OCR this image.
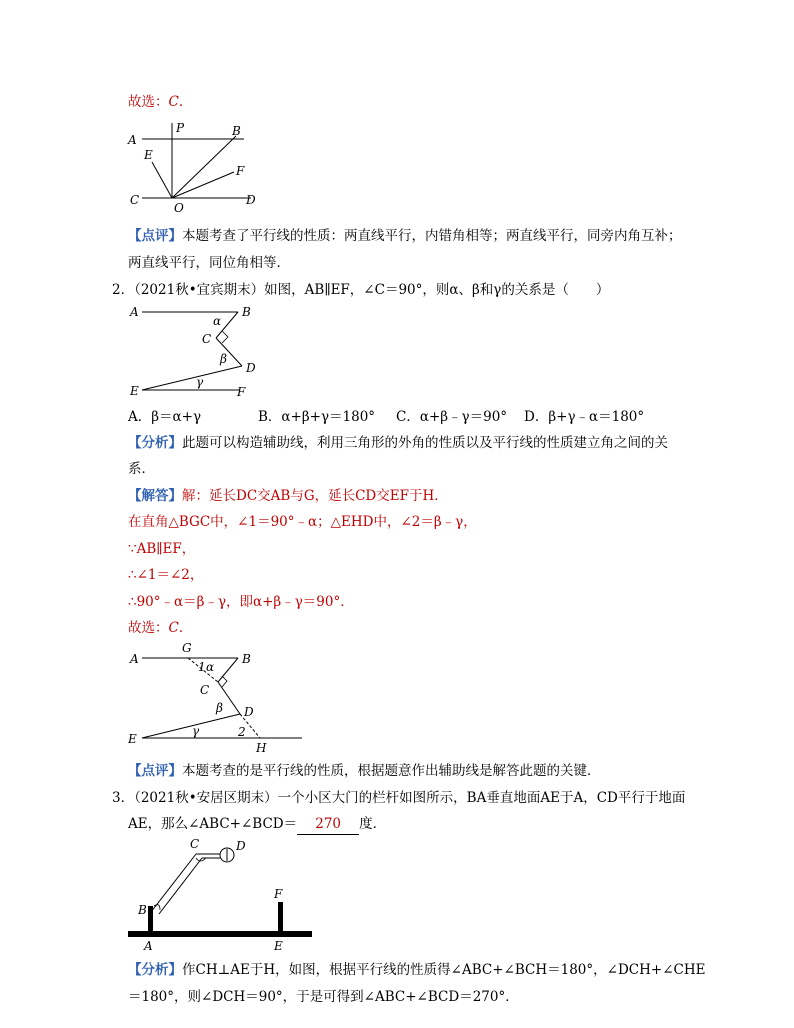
故选：C．
A
P	B
E
F
C
O
D
【点评】本题考查了平行线的性质：两直线平行，内错角相等；两直线平行，同旁内角互补；
两直线平行，同位角相等．
2．（2021秋•宜宾期末）如图，AB∥EF，∠C＝90°，则α、β和γ的关系是（　　）
A	B
α
C
β
D
E
γ
F
A．β＝α+γ	B．α+β+γ＝180° C．α+β﹣γ＝90° D．β+γ﹣α＝180°
【分析】此题可以构造辅助线，利用三角形的外角的性质以及平行线的性质建立角之间的关
系．
【解答】解：延长DC交AB与G，延长CD交EF于H．
在直角△BGC中，∠1＝90°﹣α；△EHD中，∠2＝β﹣γ，
∵AB∥EF，
∴∠1＝∠2，
∴90°﹣α＝β﹣γ，即α+β﹣γ＝90°．
故选：C．
A
G
1 α
B
C
β D
E
γ	2
H
【点评】本题考查的是平行线的性质，根据题意作出辅助线是解答此题的关键．
3．（2021秋•安居区期末）一个小区大门的栏杆如图所示，BA垂直地面AE于A，CD平行于地面
AE，那么∠ABC+∠BCD＝ 270 度．
C	D
B
F
A	E
【分析】作CH⊥AE于H，如图，根据平行线的性质得∠ABC+∠BCH＝180°，∠DCH+∠CHE
＝180°，则∠DCH＝90°，于是可得到∠ABC+∠BCD＝270°．
